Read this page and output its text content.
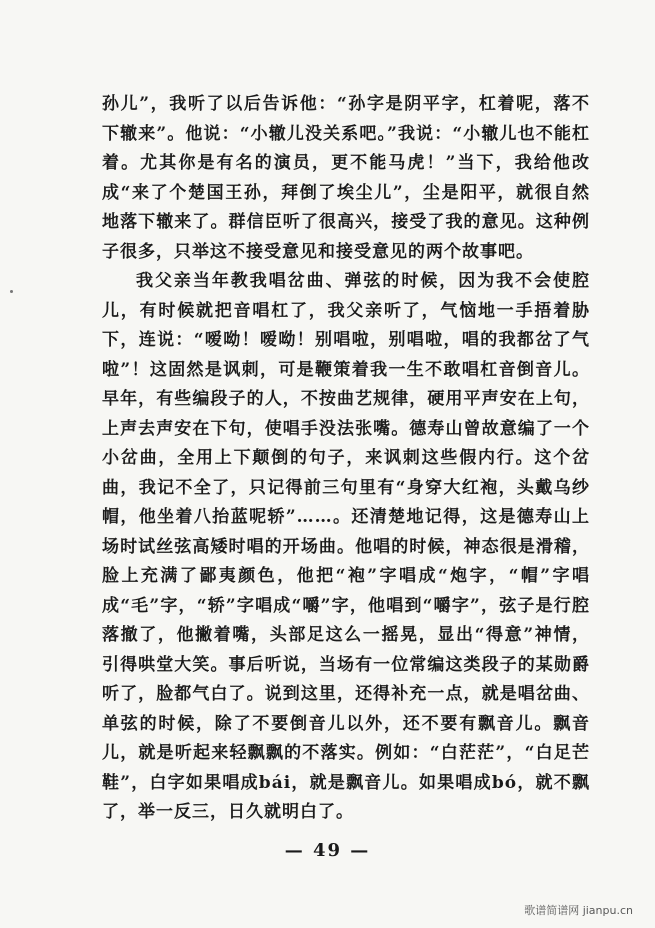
孙儿”，我听了以后告诉他：“孙字是阴平字，杠着呢，落不下辙来”。他说：“小辙儿没关系吧。”我说：“小辙儿也不能杠着。尤其你是有名的演员，更不能马虎！”当下，我给他改成“来了个楚国王孙，拜倒了埃尘儿”，尘是阳平，就很自然地落下辙来了。群信臣听了很高兴，接受了我的意见。这种例子很多，只举这不接受意见和接受意见的两个故事吧。

我父亲当年教我唱岔曲、弹弦的时候，因为我不会使腔儿，有时候就把音唱杠了，我父亲听了，气恼地一手捂着胁下，连说：“嗳呦！嗳呦！别唱啦，别唱啦，唱的我都岔了气啦”！这固然是讽刺，可是鞭策着我一生不敢唱杠音倒音儿。早年，有些编段子的人，不按曲艺规律，硬用平声安在上句，上声去声安在下句，使唱手没法张嘴。德寿山曾故意编了一个小岔曲，全用上下颠倒的句子，来讽刺这些假内行。这个岔曲，我记不全了，只记得前三句里有“身穿大红袍，头戴乌纱帽，他坐着八抬蓝呢轿”……。还清楚地记得，这是德寿山上场时试丝弦高矮时唱的开场曲。他唱的时候，神态很是滑稽，脸上充满了鄙夷颜色，他把“袍”字唱成“炮字，“帽”字唱成“毛”字，“轿”字唱成“嚼”字，他唱到“嚼字”，弦子是行腔落撤了，他撇着嘴，头部足这么一摇晃，显出“得意”神情，引得哄堂大笑。事后听说，当场有一位常编这类段子的某勋爵听了，脸都气白了。说到这里，还得补充一点，就是唱岔曲、单弦的时候，除了不要倒音儿以外，还不要有飘音儿。飘音儿，就是听起来轻飘飘的不落实。例如：“白茫茫”，“白足芒鞋”，白字如果唱成bái，就是飘音儿。如果唱成bó，就不飘了，举一反三，日久就明白了。

— 49 —
歌谱简谱网 jianpu.cn
